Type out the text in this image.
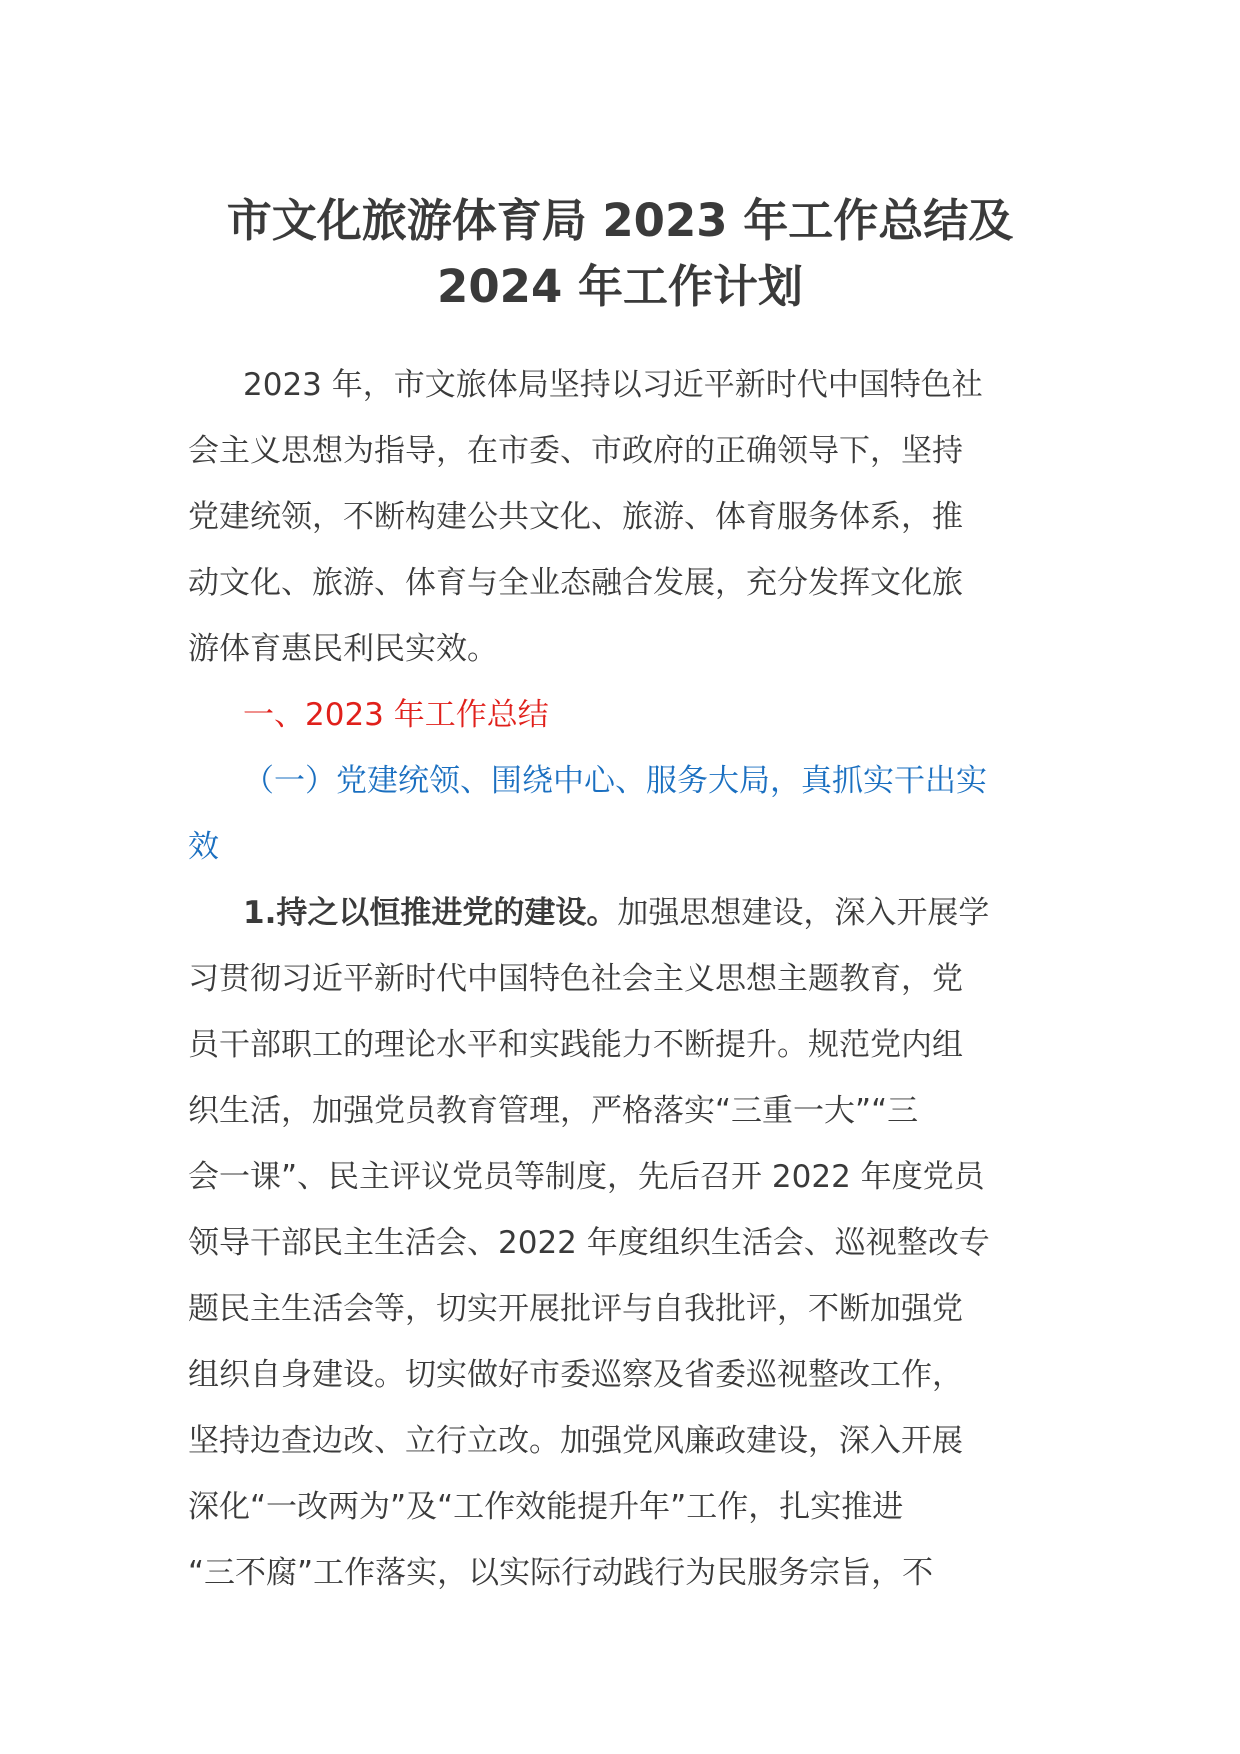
市文化旅游体育局 2023 年工作总结及
2024 年工作计划
2023 年，市文旅体局坚持以习近平新时代中国特色社
会主义思想为指导，在市委、市政府的正确领导下，坚持
党建统领，不断构建公共文化、旅游、体育服务体系，推
动文化、旅游、体育与全业态融合发展，充分发挥文化旅
游体育惠民利民实效。
一、2023 年工作总结
（一）党建统领、围绕中心、服务大局，真抓实干出实
效
1.持之以恒推进党的建设。加强思想建设，深入开展学
习贯彻习近平新时代中国特色社会主义思想主题教育，党
员干部职工的理论水平和实践能力不断提升。规范党内组
织生活，加强党员教育管理，严格落实“三重一大”“三
会一课”、民主评议党员等制度，先后召开 2022 年度党员
领导干部民主生活会、2022 年度组织生活会、巡视整改专
题民主生活会等，切实开展批评与自我批评，不断加强党
组织自身建设。切实做好市委巡察及省委巡视整改工作，
坚持边查边改、立行立改。加强党风廉政建设，深入开展
深化“一改两为”及“工作效能提升年”工作，扎实推进
“三不腐”工作落实，以实际行动践行为民服务宗旨，不
